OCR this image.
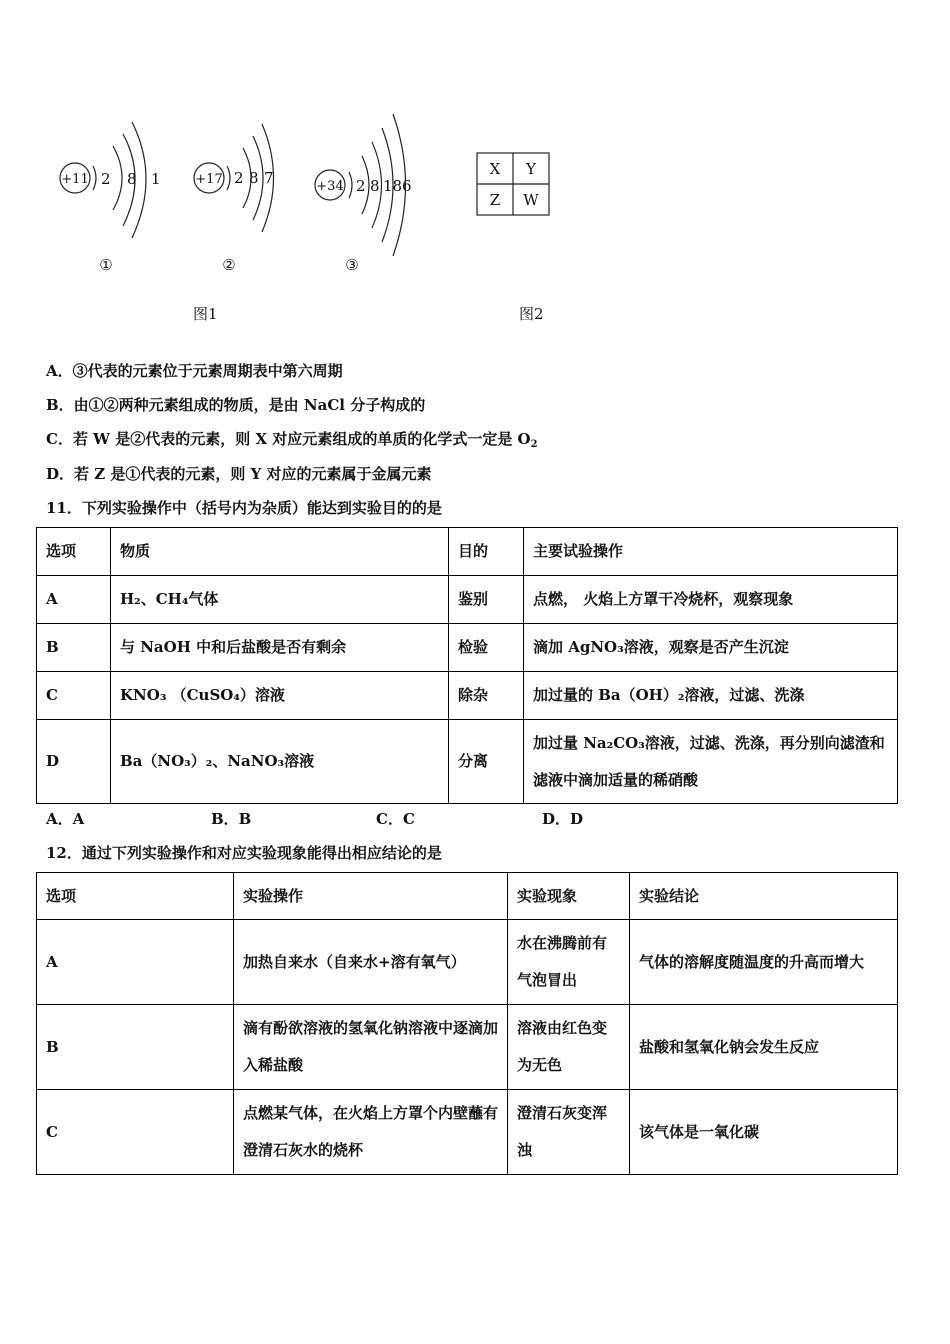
+11 2 8 1
①
+17 2 8 7
②
+34 2 8 18 6
③
X Y
Z W
图1	图2
A．③代表的元素位于元素周期表中第六周期
B．由①②两种元素组成的物质，是由 NaCl 分子构成的
C．若 W 是②代表的元素，则 X 对应元素组成的单质的化学式一定是 $O_2$
D．若 Z 是①代表的元素，则 Y 对应的元素属于金属元素
11．下列实验操作中（括号内为杂质）能达到实验目的的是
选项	物质	目的	主要试验操作
A	H₂、CH₄气体	鉴别	点燃， 火焰上方罩干冷烧杯，观察现象
B	与 NaOH 中和后盐酸是否有剩余	检验	滴加 AgNO₃溶液，观察是否产生沉淀
C	KNO₃ （CuSO₄）溶液	除杂	加过量的 Ba（OH）₂溶液，过滤、洗涤
D	Ba（NO₃）₂、NaNO₃溶液	分离	加过量 Na₂CO₃溶液，过滤、洗涤，再分别向滤渣和滤液中滴加适量的稀硝酸
A．A	B．B	C．C	D．D
12．通过下列实验操作和对应实验现象能得出相应结论的是
选项	实验操作	实验现象	实验结论
A	加热自来水（自来水+溶有氧气）	水在沸腾前有气泡冒出	气体的溶解度随温度的升高而增大
B	滴有酚欲溶液的氢氧化钠溶液中逐滴加入稀盐酸	溶液由红色变为无色	盐酸和氢氧化钠会发生反应
C	点燃某气体，在火焰上方罩个内壁蘸有澄清石灰水的烧杯	澄清石灰变浑浊	该气体是一氧化碳
